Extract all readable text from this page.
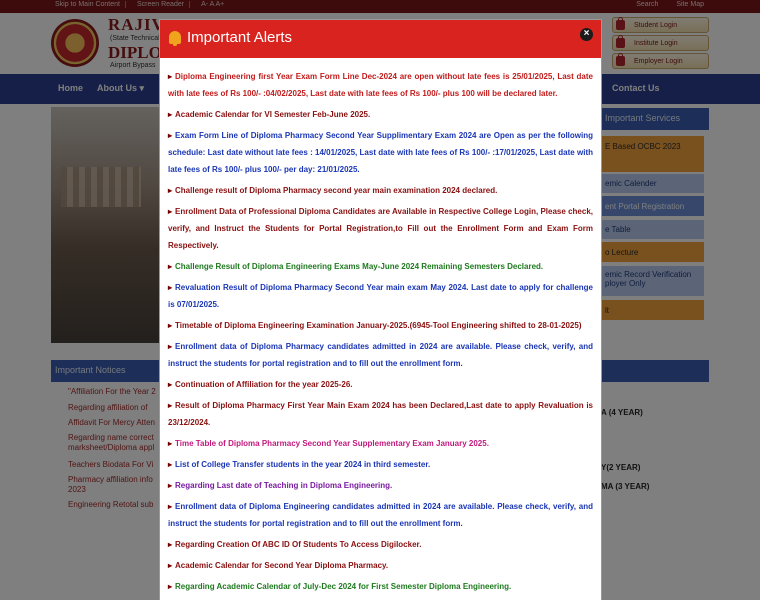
Important Alerts	×
▸ Diploma Engineering first Year Exam Form Line Dec-2024 are open without late fees is 25/01/2025, Last date with late fees of Rs 100/- :04/02/2025, Last date with late fees of Rs 100/- plus 100 will be declared later.
▸ Academic Calendar for VI Semester Feb-June 2025.
▸ Exam Form Line of Diploma Pharmacy Second Year Supplimentary Exam 2024 are Open as per the following schedule: Last date without late fees : 14/01/2025, Last date with late fees of Rs 100/- :17/01/2025, Last date with late fees of Rs 100/- plus 100/- per day: 21/01/2025.
▸ Challenge result of Diploma Pharmacy second year main examination 2024 declared.
▸ Enrollment Data of Professional Diploma Candidates are Available in Respective College Login, Please check, verify, and Instruct the Students for Portal Registration,to Fill out the Enrollment Form and Exam Form Respectively.
▸ Challenge Result of Diploma Engineering Exams May-June 2024 Remaining Semesters Declared.
▸ Revaluation Result of Diploma Pharmacy Second Year main exam May 2024. Last date to apply for challenge is 07/01/2025.
▸ Timetable of Diploma Engineering Examination January-2025.(6945-Tool Engineering shifted to 28-01-2025)
▸ Enrollment data of Diploma Pharmacy candidates admitted in 2024 are available. Please check, verify, and instruct the students for portal registration and to fill out the enrollment form.
▸ Continuation of Affiliation for the year 2025-26.
▸ Result of Diploma Pharmacy First Year Main Exam 2024 has been Declared,Last date to apply Revaluation is 23/12/2024.
▸ Time Table of Diploma Pharmacy Second Year Supplementary Exam January 2025.
▸ List of College Transfer students in the year 2024 in third semester.
▸ Regarding Last date of Teaching in Diploma Engineering.
▸ Enrollment data of Diploma Engineering candidates admitted in 2024 are available. Please check, verify, and instruct the students for portal registration and to fill out the enrollment form.
▸ Regarding Creation Of ABC ID Of Students To Access Digilocker.
▸ Academic Calendar for Second Year Diploma Pharmacy.
▸ Regarding Academic Calendar of July-Dec 2024 for First Semester Diploma Engineering.
